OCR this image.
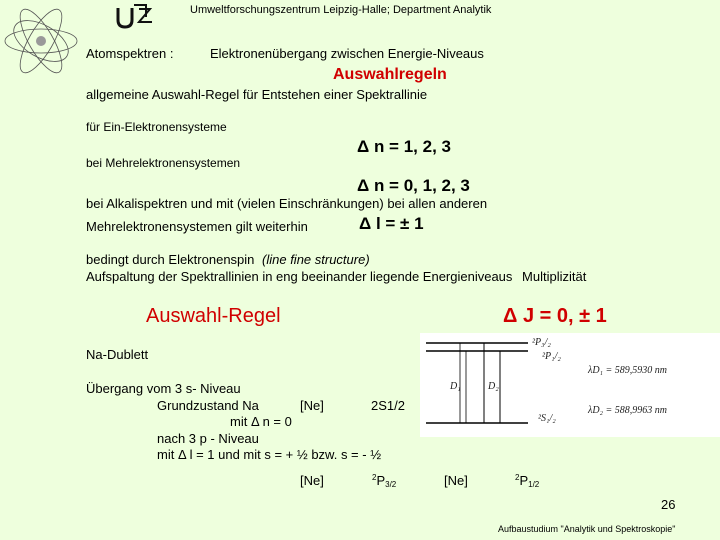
Umweltforschungszentrum Leipzig-Halle; Department Analytik
Atomspektren :	Elektronenübergang zwischen Energie-Niveaus
Auswahlregeln
allgemeine Auswahl-Regel für Entstehen einer Spektrallinie
für Ein-Elektronensysteme
Δ n = 1, 2, 3
bei Mehrelektronensystemen
Δ n = 0, 1, 2, 3
bei Alkalispektren und mit (vielen Einschränkungen) bei allen anderen
Mehrelektronensystemen gilt weiterhin	Δ l = ± 1
bedingt durch Elektronenspin (line fine structure)
Aufspaltung der Spektrallinien in eng beeinander liegende Energieniveaus Multiplizität
Auswahl-Regel	Δ J = 0, ± 1
Na-Dublett
²P₃/₂
²P₁/₂
²S₁/₂
D₁	D₂
λD₁ = 589,5930 nm
λD₂ = 588,9963 nm
Übergang vom 3 s- Niveau
Grundzustand Na	[Ne]	2S1/2
mit Δ n = 0
nach 3 p - Niveau
mit Δ l = 1 und mit s = + ½ bzw. s = - ½
[Ne]	$^2P_{3/2}$	[Ne]	$^2P_{1/2}$
26
Aufbaustudium "Analytik und Spektroskopie"
